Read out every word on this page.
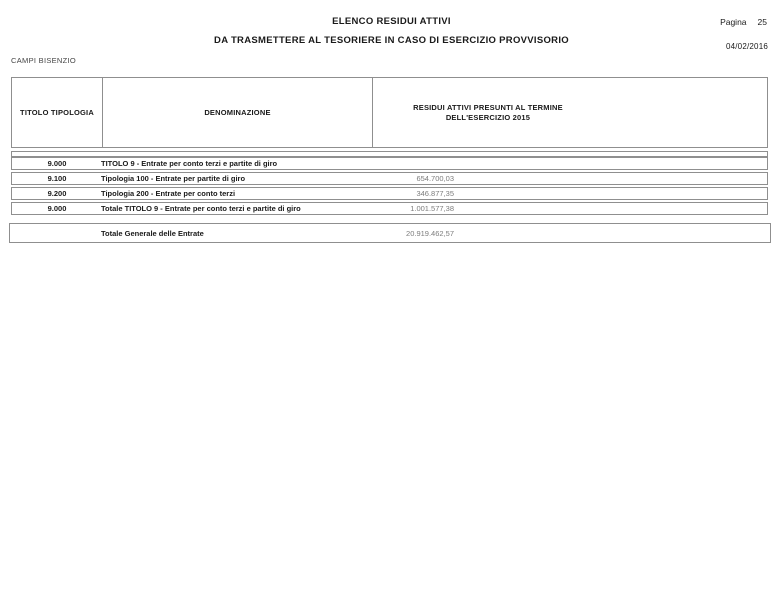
ELENCO RESIDUI ATTIVI
DA TRASMETTERE AL TESORIERE IN CASO DI ESERCIZIO PROVVISORIO
Pagina 25
04/02/2016
CAMPI BISENZIO
TITOLO TIPOLOGIA	DENOMINAZIONE
RESIDUI ATTIVI PRESUNTI AL TERMINE
DELL'ESERCIZIO 2015
9.000	TITOLO 9 - Entrate per conto terzi e partite di giro
9.100	Tipologia 100 - Entrate per partite di giro	654.700,03
9.200	Tipologia 200 - Entrate per conto terzi	346.877,35
9.000	Totale TITOLO 9 - Entrate per conto terzi e partite di giro	1.001.577,38
Totale Generale delle Entrate	20.919.462,57
